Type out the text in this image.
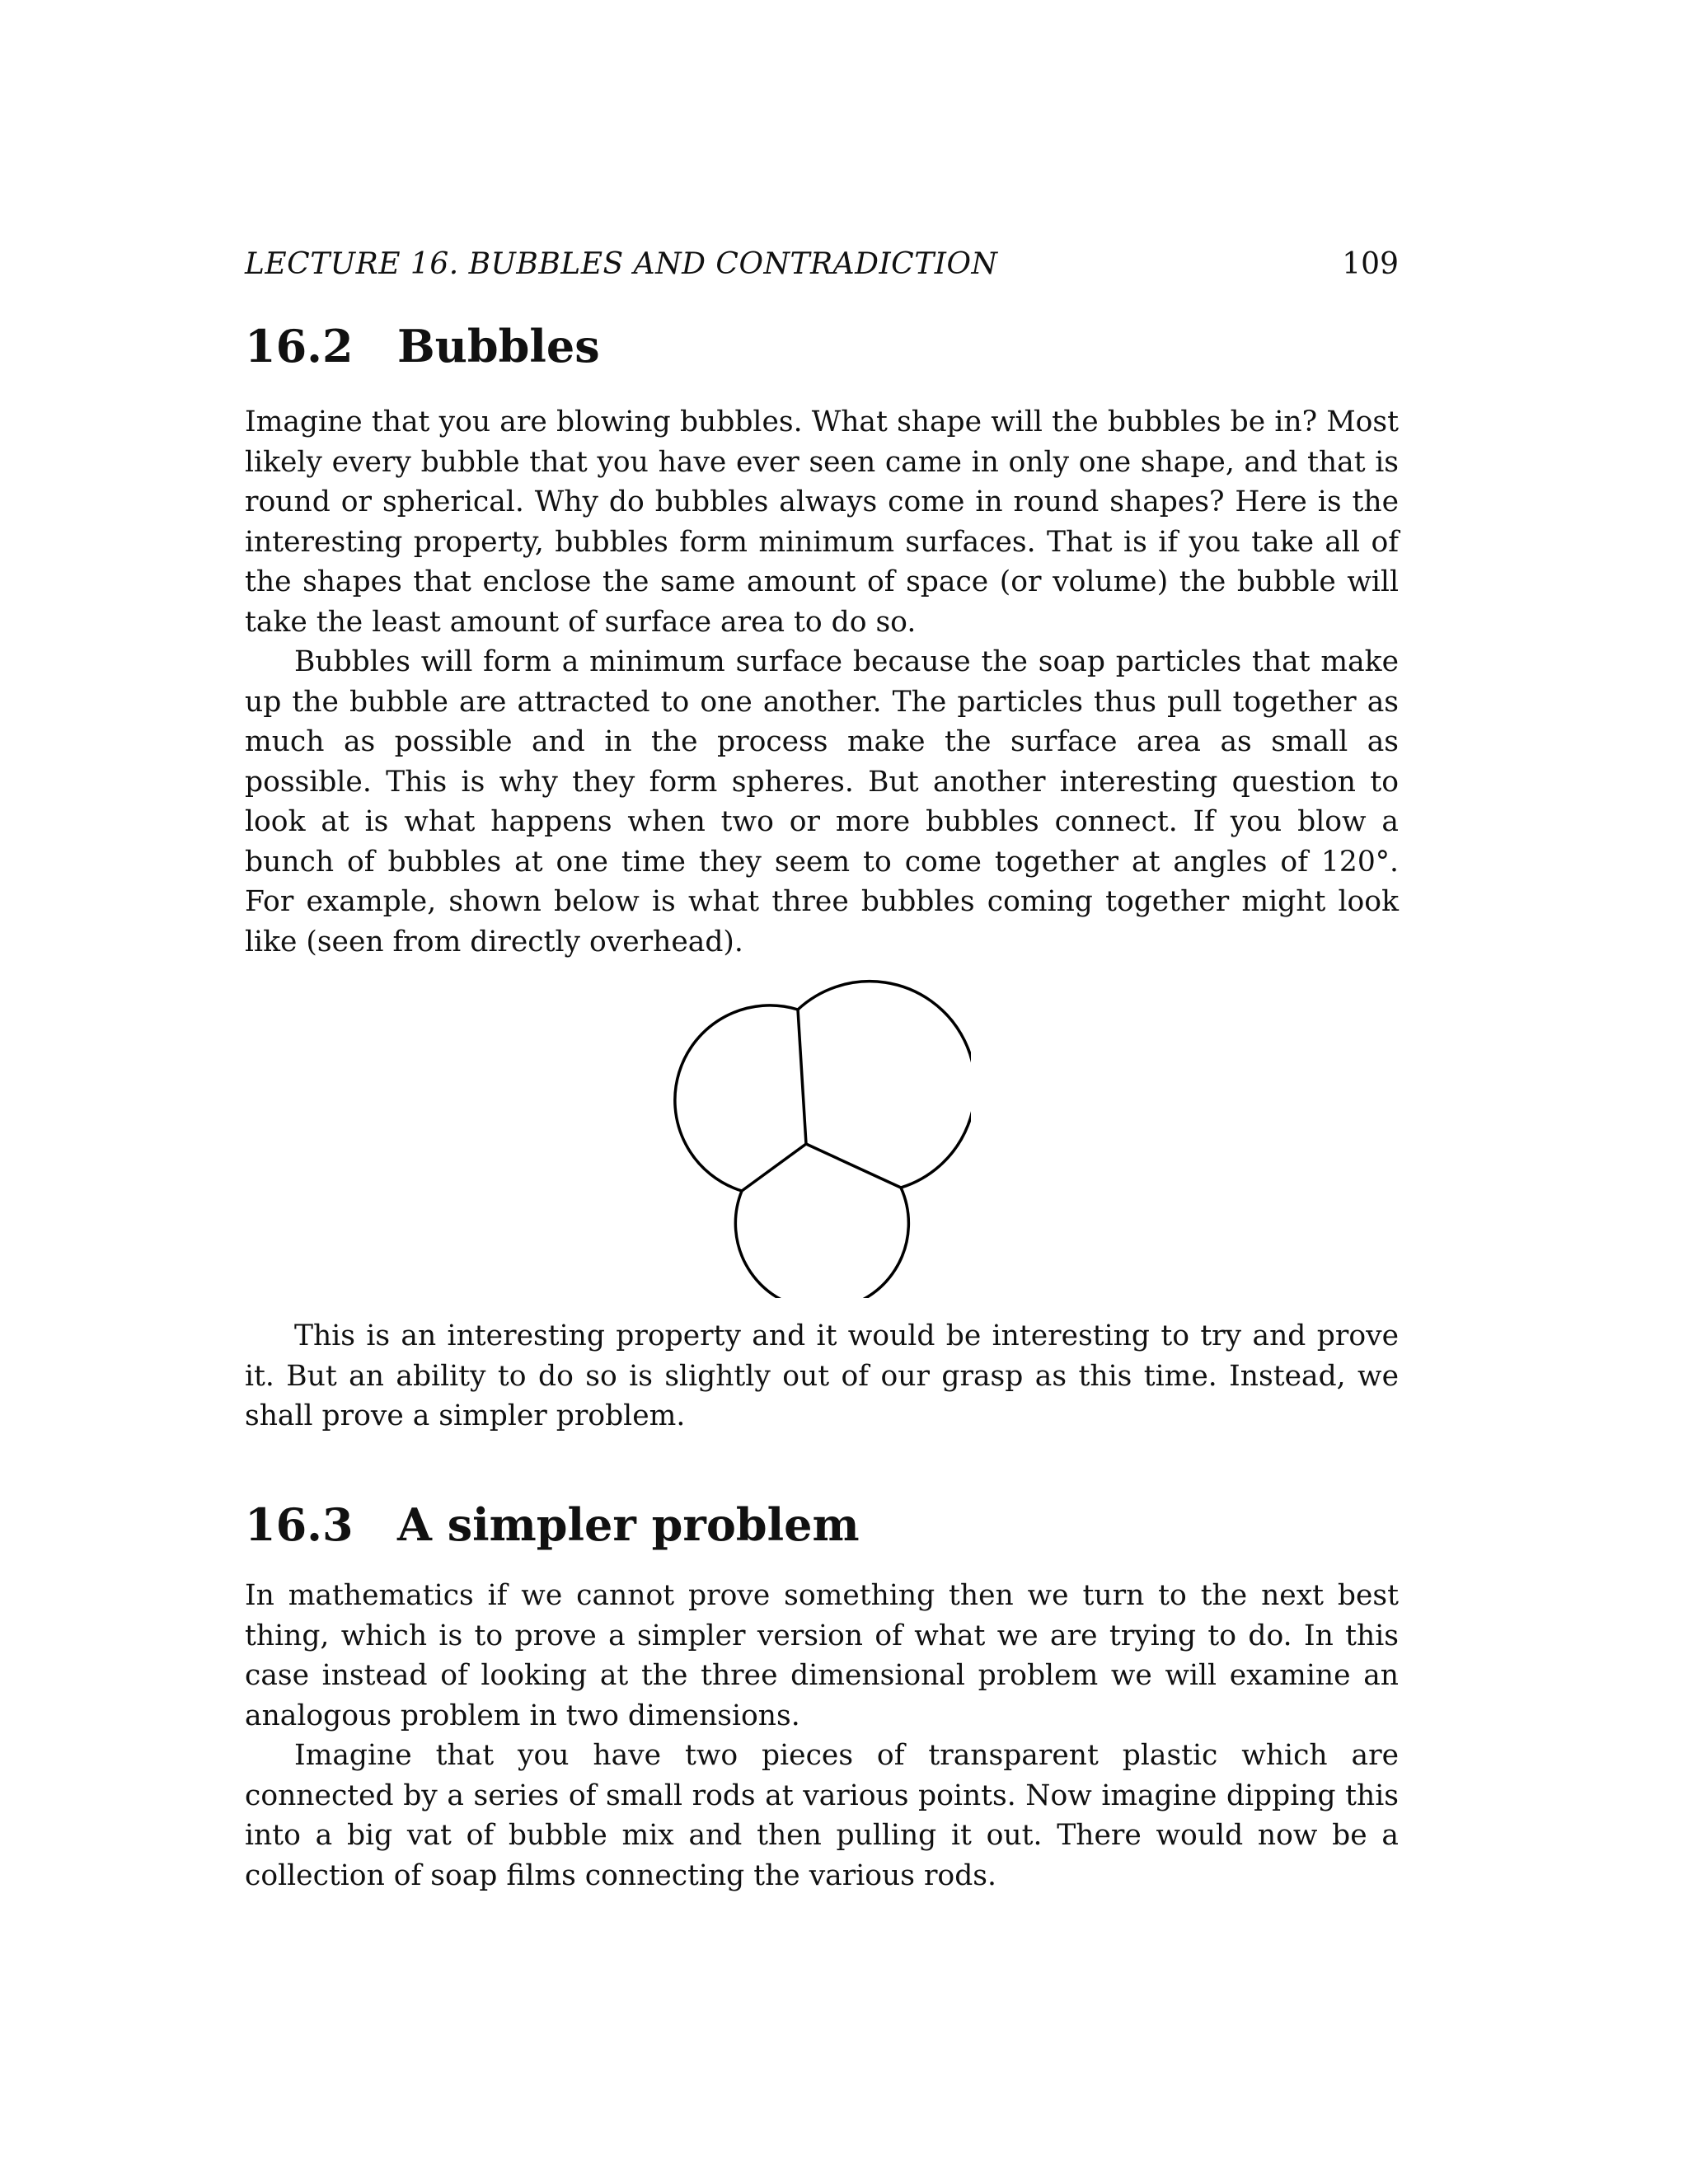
LECTURE 16. BUBBLES AND CONTRADICTION	109
16.2 Bubbles

Imagine that you are blowing bubbles. What shape will the bubbles be in? Most likely every bubble that you have ever seen came in only one shape, and that is round or spherical. Why do bubbles always come in round shapes? Here is the interesting property, bubbles form minimum surfaces. That is if you take all of the shapes that enclose the same amount of space (or volume) the bubble will take the least amount of surface area to do so.

Bubbles will form a minimum surface because the soap particles that make up the bubble are attracted to one another. The particles thus pull together as much as possible and in the process make the surface area as small as possible. This is why they form spheres. But another interesting question to look at is what happens when two or more bubbles connect. If you blow a bunch of bubbles at one time they seem to come together at angles of 120°. For example, shown below is what three bubbles coming together might look like (seen from directly overhead).

This is an interesting property and it would be interesting to try and prove it. But an ability to do so is slightly out of our grasp as this time. Instead, we shall prove a simpler problem.

16.3 A simpler problem

In mathematics if we cannot prove something then we turn to the next best thing, which is to prove a simpler version of what we are trying to do. In this case instead of looking at the three dimensional problem we will examine an analogous problem in two dimensions.

Imagine that you have two pieces of transparent plastic which are connected by a series of small rods at various points. Now imagine dipping this into a big vat of bubble mix and then pulling it out. There would now be a collection of soap films connecting the various rods.
